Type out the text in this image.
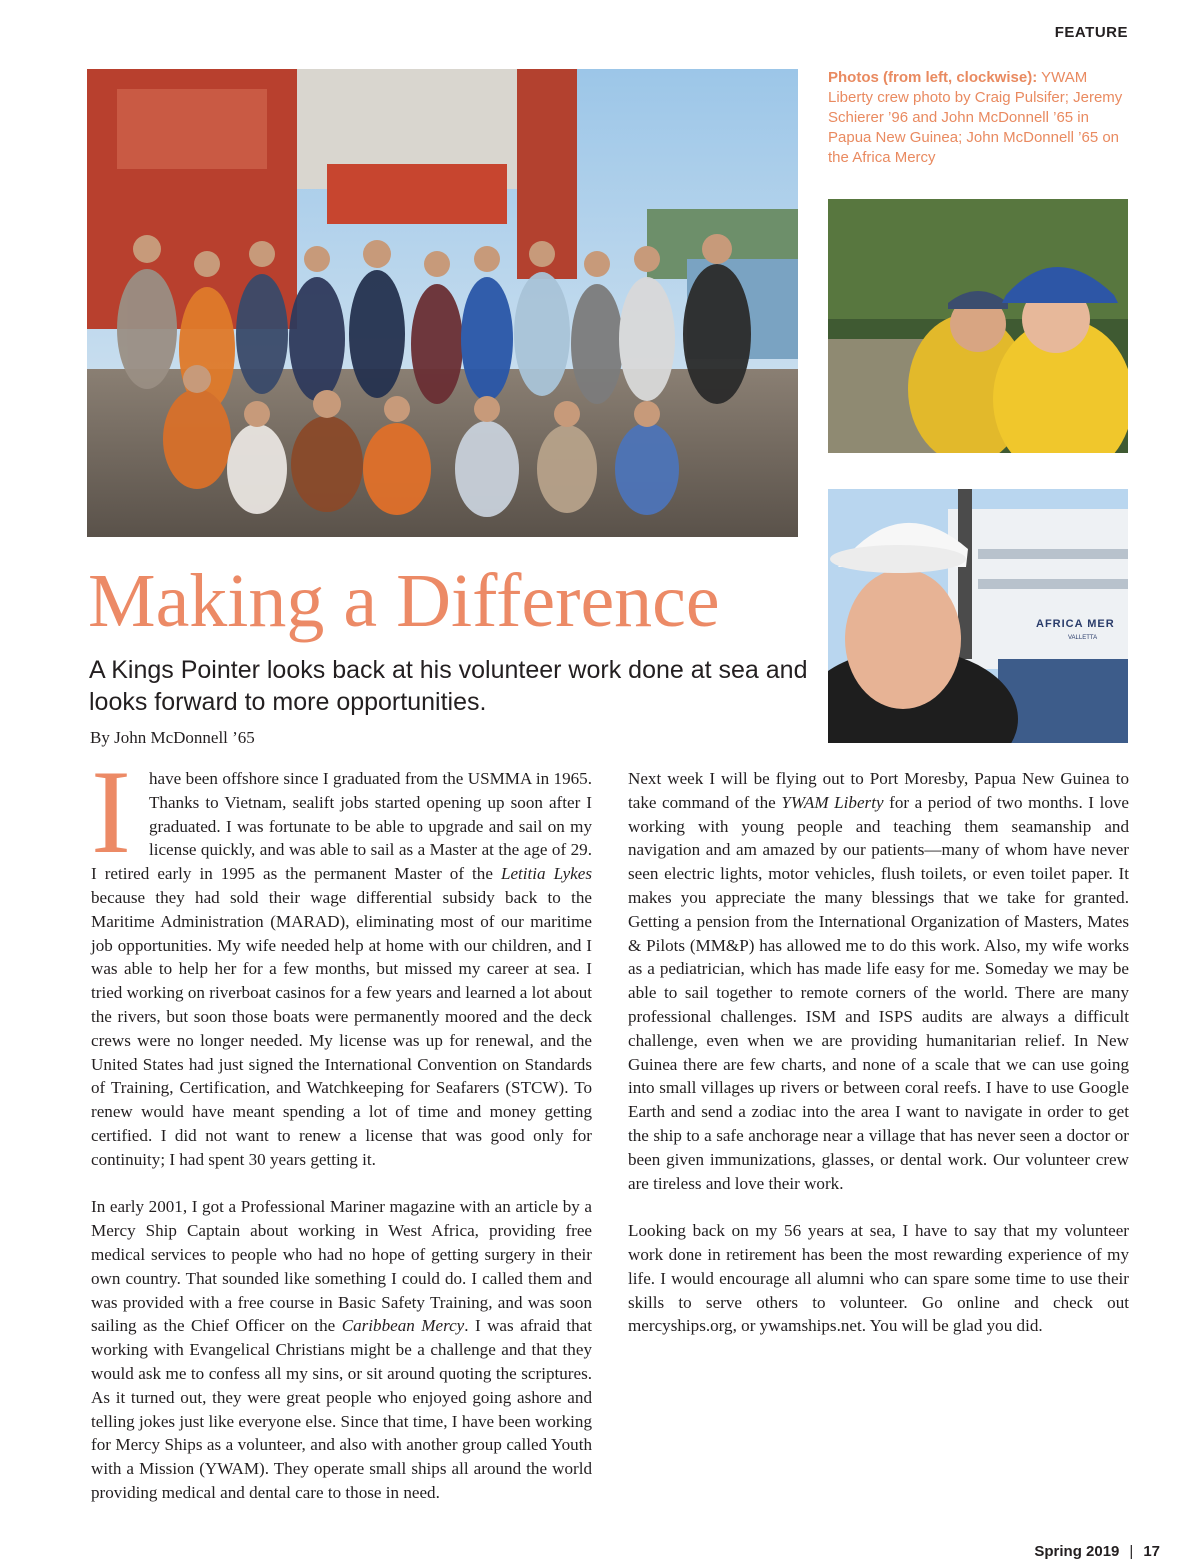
FEATURE
Photos (from left, clockwise): YWAM Liberty crew photo by Craig Pulsifer; Jeremy Schierer ’96 and John McDonnell ’65 in Papua New Guinea; John McDonnell ’65 on the Africa Mercy
AFRICA MER
VALLETTA
Making a Difference
A Kings Pointer looks back at his volunteer work done at sea and looks forward to more opportunities.
By John McDonnell ’65

I have been offshore since I graduated from the USMMA in 1965. Thanks to Vietnam, sealift jobs started opening up soon after I graduated. I was fortunate to be able to upgrade and sail on my license quickly, and was able to sail as a Master at the age of 29. I retired early in 1995 as the permanent Master of the Letitia Lykes because they had sold their wage differential subsidy back to the Maritime Administration (MARAD), eliminating most of our maritime job opportunities. My wife needed help at home with our children, and I was able to help her for a few months, but missed my career at sea. I tried working on riverboat casinos for a few years and learned a lot about the rivers, but soon those boats were permanently moored and the deck crews were no longer needed. My license was up for renewal, and the United States had just signed the International Convention on Standards of Training, Certification, and Watchkeeping for Seafarers (STCW). To renew would have meant spending a lot of time and money getting certified. I did not want to renew a license that was good only for continuity; I had spent 30 years getting it.

In early 2001, I got a Professional Mariner magazine with an article by a Mercy Ship Captain about working in West Africa, providing free medical services to people who had no hope of getting surgery in their own country. That sounded like something I could do. I called them and was provided with a free course in Basic Safety Training, and was soon sailing as the Chief Officer on the Caribbean Mercy. I was afraid that working with Evangelical Christians might be a challenge and that they would ask me to confess all my sins, or sit around quoting the scriptures. As it turned out, they were great people who enjoyed going ashore and telling jokes just like everyone else. Since that time, I have been working for Mercy Ships as a volunteer, and also with another group called Youth with a Mission (YWAM). They operate small ships all around the world providing medical and dental care to those in need.

Next week I will be flying out to Port Moresby, Papua New Guinea to take command of the YWAM Liberty for a period of two months. I love working with young people and teaching them seamanship and navigation and am amazed by our patients—many of whom have never seen electric lights, motor vehicles, flush toilets, or even toilet paper. It makes you appreciate the many blessings that we take for granted. Getting a pension from the International Organization of Masters, Mates & Pilots (MM&P) has allowed me to do this work. Also, my wife works as a pediatrician, which has made life easy for me. Someday we may be able to sail together to remote corners of the world. There are many professional challenges. ISM and ISPS audits are always a difficult challenge, even when we are providing humanitarian relief. In New Guinea there are few charts, and none of a scale that we can use going into small villages up rivers or between coral reefs. I have to use Google Earth and send a zodiac into the area I want to navigate in order to get the ship to a safe anchorage near a village that has never seen a doctor or been given immunizations, glasses, or dental work. Our volunteer crew are tireless and love their work.

Looking back on my 56 years at sea, I have to say that my volunteer work done in retirement has been the most rewarding experience of my life. I would encourage all alumni who can spare some time to use their skills to serve others to volunteer. Go online and check out mercyships.org, or ywamships.net. You will be glad you did.

Spring 2019 | 17
